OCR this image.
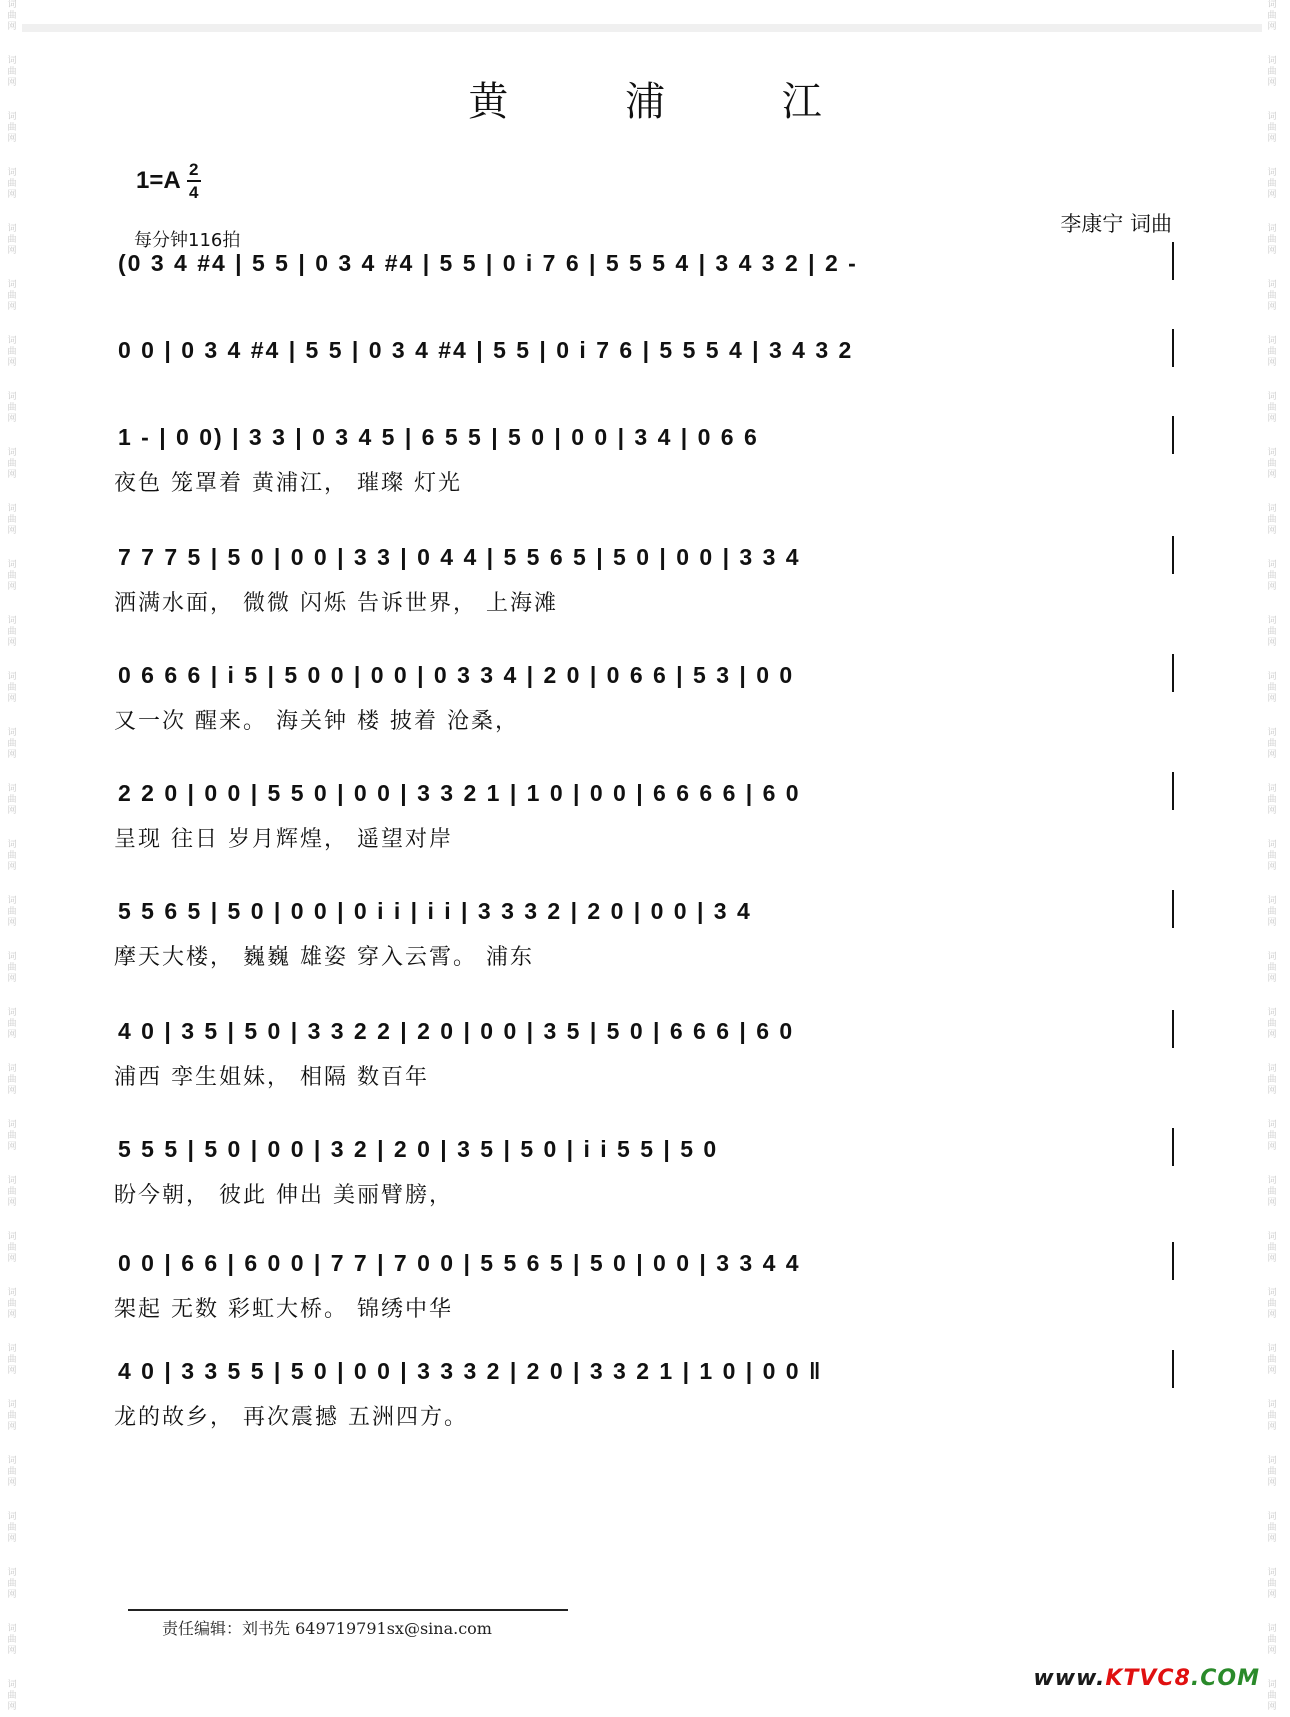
词
曲
网
词
曲
网
词
曲
网
词
曲
网
词
曲
网
词
曲
网
词
曲
网
词
曲
网
词
曲
网
词
曲
网
词
曲
网
词
曲
网
词
曲
网
词
曲
网
词
曲
网
词
曲
网
词
曲
网
词
曲
网
词
曲
网
词
曲
网
词
曲
网
词
曲
网
词
曲
网
词
曲
网
词
曲
网
词
曲
网
词
曲
网
词
曲
网
词
曲
网
词
曲
网
词
曲
网
词
曲
网
词
曲
网
词
曲
网
词
曲
网
词
曲
网
词
曲
网
词
曲
网
词
曲
网
词
曲
网
词
曲
网
词
曲
网
词
曲
网
词
曲
网
词
曲
网
词
曲
网
词
曲
网
词
曲
网
词
曲
网
词
曲
网
词
曲
网
词
曲
网
词
曲
网
词
曲
网
词
曲
网
词
曲
网
词
曲
网
词
曲
网
词
曲
网
词
曲
网
词
曲
网
词
曲
网
黄 浦 江
$1=A \frac{2}{4}$
每分钟116拍
李康宁 词曲
(0 3 4 #4 | 5 5 | 0 3 4 #4 | 5 5 | 0 i 7 6 | 5 5 5 4 | 3 4 3 2 | 2 -
0 0 | 0 3 4 #4 | 5 5 | 0 3 4 #4 | 5 5 | 0 i 7 6 | 5 5 5 4 | 3 4 3 2
1 - | 0 0) | 3 3 | 0 3 4 5 | 6 5 5 | 5 0 | 0 0 | 3 4 | 0 6 6
夜色 笼罩着 黄浦江， 璀璨 灯光
7 7 7 5 | 5 0 | 0 0 | 3 3 | 0 4 4 | 5 5 6 5 | 5 0 | 0 0 | 3 3 4
洒满水面， 微微 闪烁 告诉世界， 上海滩
0 6 6 6 | i 5 | 5 0 0 | 0 0 | 0 3 3 4 | 2 0 | 0 6 6 | 5 3 | 0 0
又一次 醒来。 海关钟 楼 披着 沧桑，
2 2 0 | 0 0 | 5 5 0 | 0 0 | 3 3 2 1 | 1 0 | 0 0 | 6 6 6 6 | 6 0
呈现 往日 岁月辉煌， 遥望对岸
5 5 6 5 | 5 0 | 0 0 | 0 i i | i i | 3 3 3 2 | 2 0 | 0 0 | 3 4
摩天大楼， 巍巍 雄姿 穿入云霄。 浦东
4 0 | 3 5 | 5 0 | 3 3 2 2 | 2 0 | 0 0 | 3 5 | 5 0 | 6 6 6 | 6 0
浦西 孪生姐妹， 相隔 数百年
5 5 5 | 5 0 | 0 0 | 3 2 | 2 0 | 3 5 | 5 0 | i i 5 5 | 5 0
盼今朝， 彼此 伸出 美丽臂膀，
0 0 | 6 6 | 6 0 0 | 7 7 | 7 0 0 | 5 5 6 5 | 5 0 | 0 0 | 3 3 4 4
架起 无数 彩虹大桥。 锦绣中华
4 0 | 3 3 5 5 | 5 0 | 0 0 | 3 3 3 2 | 2 0 | 3 3 2 1 | 1 0 | 0 0 ‖
龙的故乡， 再次震撼 五洲四方。
责任编辑：刘书先 649719791sx@sina.com
www.KTVC8.COM
